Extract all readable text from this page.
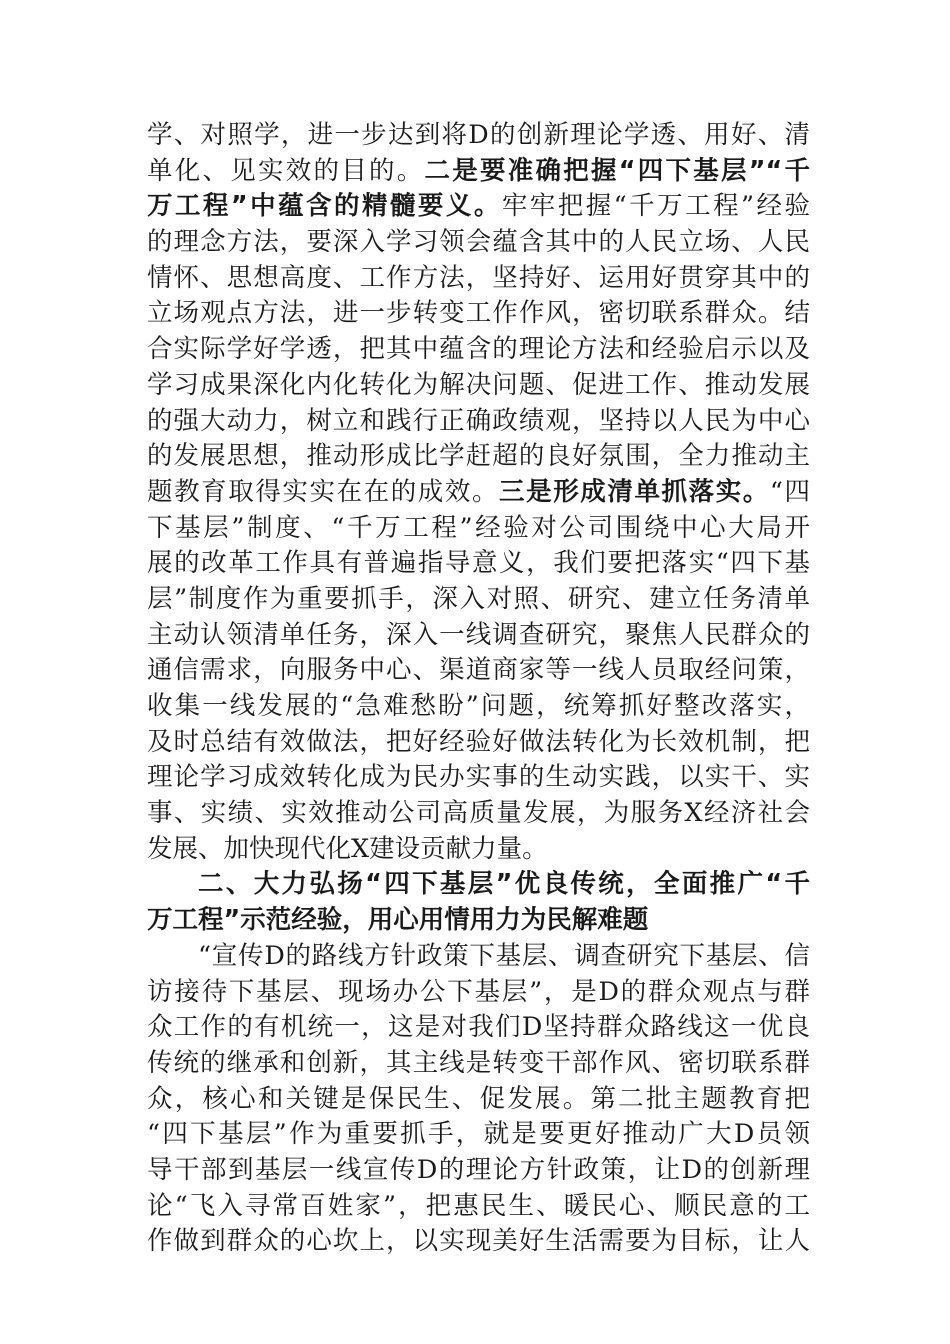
学、对照学，进一步达到将D的创新理论学透、用好、清
单化、见实效的目的。二是要准确把握“四下基层”“千
万工程”中蕴含的精髓要义。牢牢把握“千万工程”经验
的理念方法，要深入学习领会蕴含其中的人民立场、人民
情怀、思想高度、工作方法，坚持好、运用好贯穿其中的
立场观点方法，进一步转变工作作风，密切联系群众。结
合实际学好学透，把其中蕴含的理论方法和经验启示以及
学习成果深化内化转化为解决问题、促进工作、推动发展
的强大动力，树立和践行正确政绩观，坚持以人民为中心
的发展思想，推动形成比学赶超的良好氛围，全力推动主
题教育取得实实在在的成效。三是形成清单抓落实。“四
下基层”制度、“千万工程”经验对公司围绕中心大局开
展的改革工作具有普遍指导意义，我们要把落实“四下基
层”制度作为重要抓手，深入对照、研究、建立任务清单
主动认领清单任务，深入一线调查研究，聚焦人民群众的
通信需求，向服务中心、渠道商家等一线人员取经问策，
收集一线发展的“急难愁盼”问题，统筹抓好整改落实，
及时总结有效做法，把好经验好做法转化为长效机制，把
理论学习成效转化成为民办实事的生动实践，以实干、实
事、实绩、实效推动公司高质量发展，为服务X经济社会
发展、加快现代化X建设贡献力量。
二、大力弘扬“四下基层”优良传统，全面推广“千
万工程”示范经验，用心用情用力为民解难题
“宣传D的路线方针政策下基层、调查研究下基层、信
访接待下基层、现场办公下基层”，是D的群众观点与群
众工作的有机统一，这是对我们D坚持群众路线这一优良
传统的继承和创新，其主线是转变干部作风、密切联系群
众，核心和关键是保民生、促发展。第二批主题教育把
“四下基层”作为重要抓手，就是要更好推动广大D员领
导干部到基层一线宣传D的理论方针政策，让D的创新理
论“飞入寻常百姓家”，把惠民生、暖民心、顺民意的工
作做到群众的心坎上，以实现美好生活需要为目标，让人
